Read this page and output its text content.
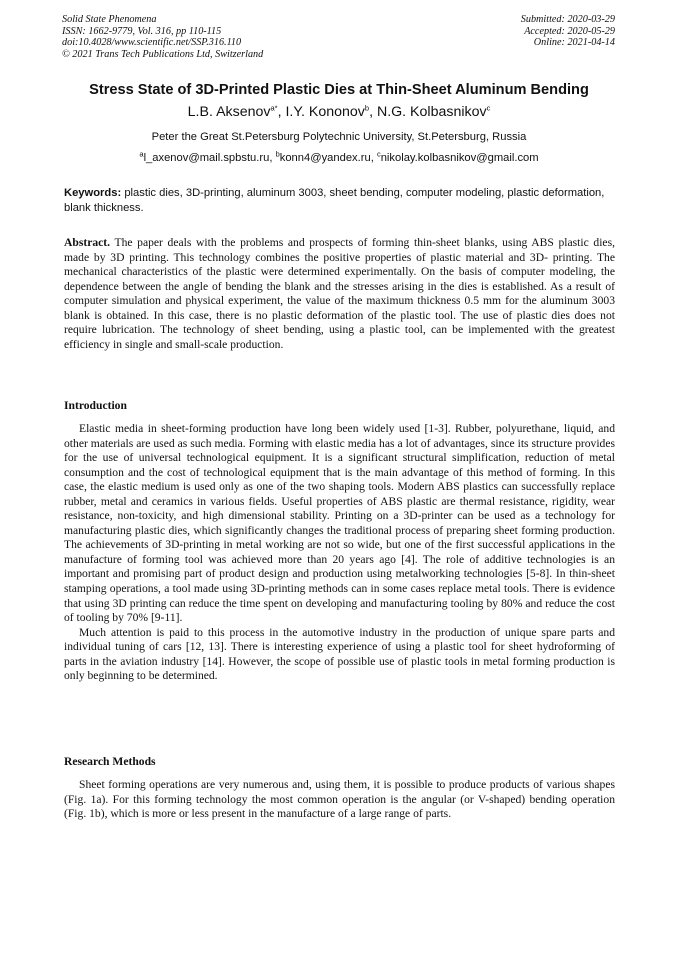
Solid State Phenomena
ISSN: 1662-9779, Vol. 316, pp 110-115
doi:10.4028/www.scientific.net/SSP.316.110
© 2021 Trans Tech Publications Ltd, Switzerland
Submitted: 2020-03-29
Accepted: 2020-05-29
Online: 2021-04-14
Stress State of 3D-Printed Plastic Dies at Thin-Sheet Aluminum Bending
L.B. Aksenov$^{a*}$, I.Y. Kononov$^b$, N.G. Kolbasnikov$^c$
Peter the Great St.Petersburg Polytechnic University, St.Petersburg, Russia
$^a$l_axenov@mail.spbstu.ru, $^b$konn4@yandex.ru, $^c$nikolay.kolbasnikov@gmail.com
Keywords: plastic dies, 3D-printing, aluminum 3003, sheet bending, computer modeling, plastic deformation, blank thickness.
Abstract. The paper deals with the problems and prospects of forming thin-sheet blanks, using ABS plastic dies, made by 3D printing. This technology combines the positive properties of plastic material and 3D- printing. The mechanical characteristics of the plastic were determined experimentally. On the basis of computer modeling, the dependence between the angle of bending the blank and the stresses arising in the dies is established. As a result of computer simulation and physical experiment, the value of the maximum thickness 0.5 mm for the aluminum 3003 blank is obtained. In this case, there is no plastic deformation of the plastic tool. The use of plastic dies does not require lubrication. The technology of sheet bending, using a plastic tool, can be implemented with the greatest efficiency in single and small-scale production.
Introduction

Elastic media in sheet-forming production have long been widely used [1-3]. Rubber, polyurethane, liquid, and other materials are used as such media. Forming with elastic media has a lot of advantages, since its structure provides for the use of universal technological equipment. It is a significant structural simplification, reduction of metal consumption and the cost of technological equipment that is the main advantage of this method of forming. In this case, the elastic medium is used only as one of the two shaping tools. Modern ABS plastics can successfully replace rubber, metal and ceramics in various fields. Useful properties of ABS plastic are thermal resistance, rigidity, wear resistance, non-toxicity, and high dimensional stability. Printing on a 3D-printer can be used as a technology for manufacturing plastic dies, which significantly changes the traditional process of preparing sheet forming production. The achievements of 3D-printing in metal working are not so wide, but one of the first successful applications in the manufacture of forming tool was achieved more than 20 years ago [4]. The role of additive technologies is an important and promising part of product design and production using metalworking technologies [5-8]. In thin-sheet stamping operations, a tool made using 3D-printing methods can in some cases replace metal tools. There is evidence that using 3D printing can reduce the time spent on developing and manufacturing tooling by 80% and reduce the cost of tooling by 70% [9-11].

Much attention is paid to this process in the automotive industry in the production of unique spare parts and individual tuning of cars [12, 13]. There is interesting experience of using a plastic tool for sheet hydroforming of parts in the aviation industry [14]. However, the scope of possible use of plastic tools in metal forming production is only beginning to be determined.

Research Methods

Sheet forming operations are very numerous and, using them, it is possible to produce products of various shapes (Fig. 1a). For this forming technology the most common operation is the angular (or V-shaped) bending operation (Fig. 1b), which is more or less present in the manufacture of a large range of parts.
